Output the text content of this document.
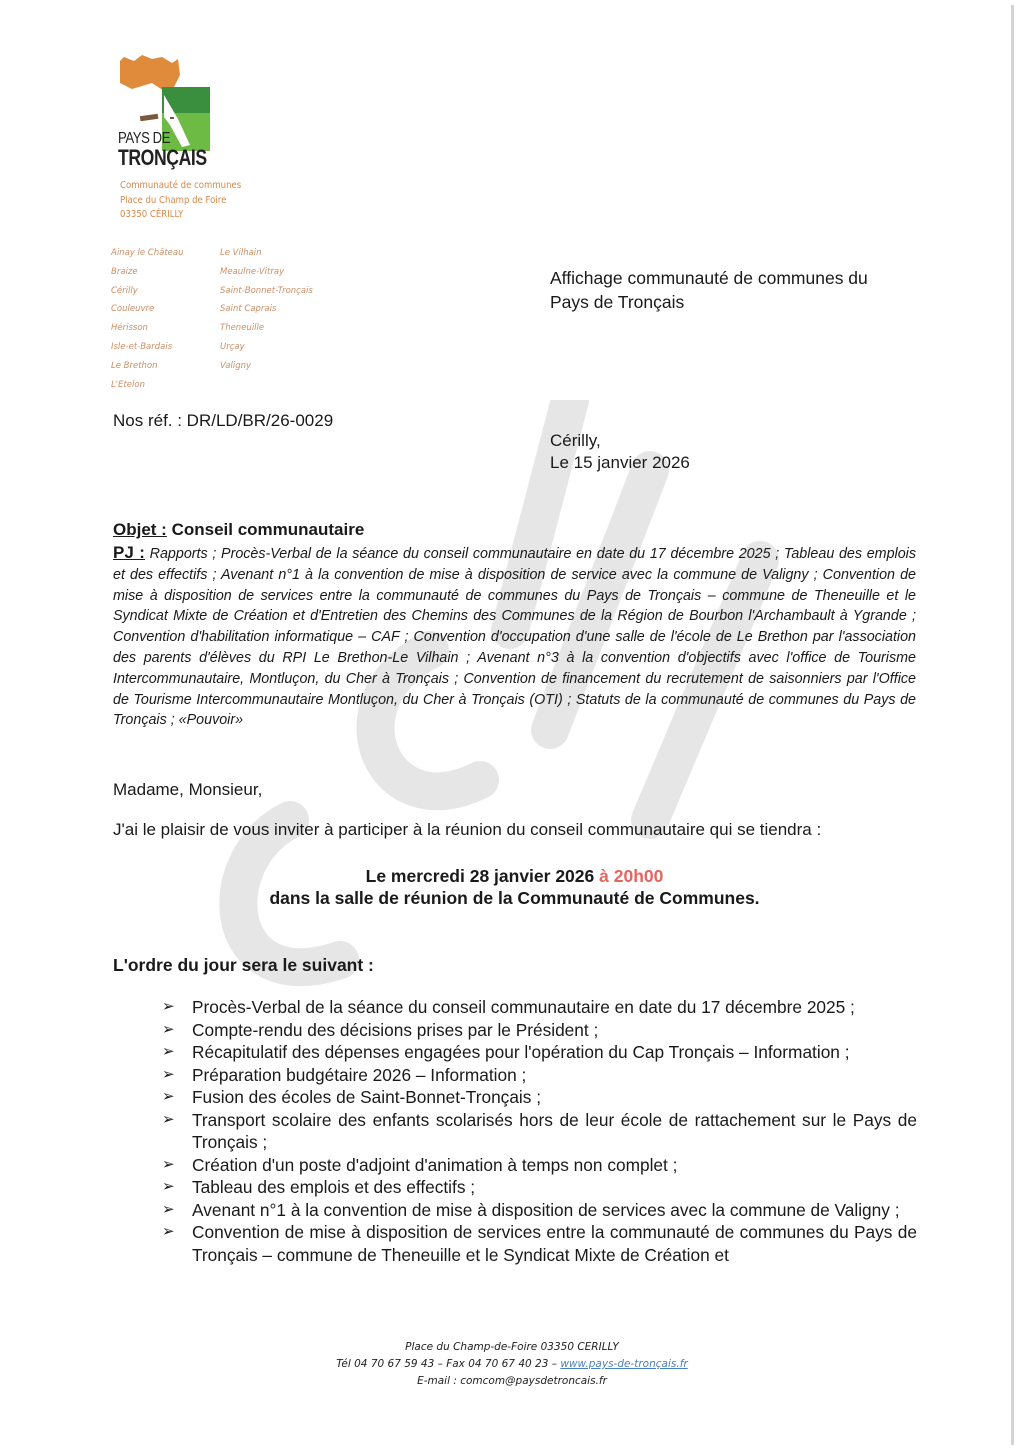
PAYS DE
TRONÇAIS
Communauté de communes
Place du Champ de Foire
03350 CÉRILLY
Ainay le Château
Braize
Cérilly
Couleuvre
Hérisson
Isle-et-Bardais
Le Brethon
L'Etelon
Le Vilhain
Meaulne-Vitray
Saint-Bonnet-Tronçais
Saint Caprais
Theneuille
Urçay
Valigny
Affichage communauté de communes du
Pays de Tronçais
Nos réf. : DR/LD/BR/26-0029
Cérilly,
Le 15 janvier 2026
Objet : Conseil communautaire
PJ : Rapports ; Procès-Verbal de la séance du conseil communautaire en date du 17 décembre 2025 ; Tableau des emplois et des effectifs ; Avenant n°1 à la convention de mise à disposition de service avec la commune de Valigny ; Convention de mise à disposition de services entre la communauté de communes du Pays de Tronçais – commune de Theneuille et le Syndicat Mixte de Création et d'Entretien des Chemins des Communes de la Région de Bourbon l'Archambault à Ygrande ; Convention d'habilitation informatique – CAF ; Convention d'occupation d'une salle de l'école de Le Brethon par l'association des parents d'élèves du RPI Le Brethon-Le Vilhain ; Avenant n°3 à la convention d'objectifs avec l'office de Tourisme Intercommunautaire, Montluçon, du Cher à Tronçais ; Convention de financement du recrutement de saisonniers par l'Office de Tourisme Intercommunautaire Montluçon, du Cher à Tronçais (OTI) ; Statuts de la communauté de communes du Pays de Tronçais ; «Pouvoir»
Madame, Monsieur,
J'ai le plaisir de vous inviter à participer à la réunion du conseil communautaire qui se tiendra :
Le mercredi 28 janvier 2026 à 20h00
dans la salle de réunion de la Communauté de Communes.
L'ordre du jour sera le suivant :
➢ Procès-Verbal de la séance du conseil communautaire en date du 17 décembre 2025 ;
➢ Compte-rendu des décisions prises par le Président ;
➢ Récapitulatif des dépenses engagées pour l'opération du Cap Tronçais – Information ;
➢ Préparation budgétaire 2026 – Information ;
➢ Fusion des écoles de Saint-Bonnet-Tronçais ;
➢ Transport scolaire des enfants scolarisés hors de leur école de rattachement sur le Pays de Tronçais ;
➢ Création d'un poste d'adjoint d'animation à temps non complet ;
➢ Tableau des emplois et des effectifs ;
➢ Avenant n°1 à la convention de mise à disposition de services avec la commune de Valigny ;
➢ Convention de mise à disposition de services entre la communauté de communes du Pays de Tronçais – commune de Theneuille et le Syndicat Mixte de Création et
Place du Champ-de-Foire 03350 CERILLY
Tél 04 70 67 59 43 – Fax 04 70 67 40 23 – www.pays-de-tronçais.fr
E-mail : comcom@paysdetroncais.fr
